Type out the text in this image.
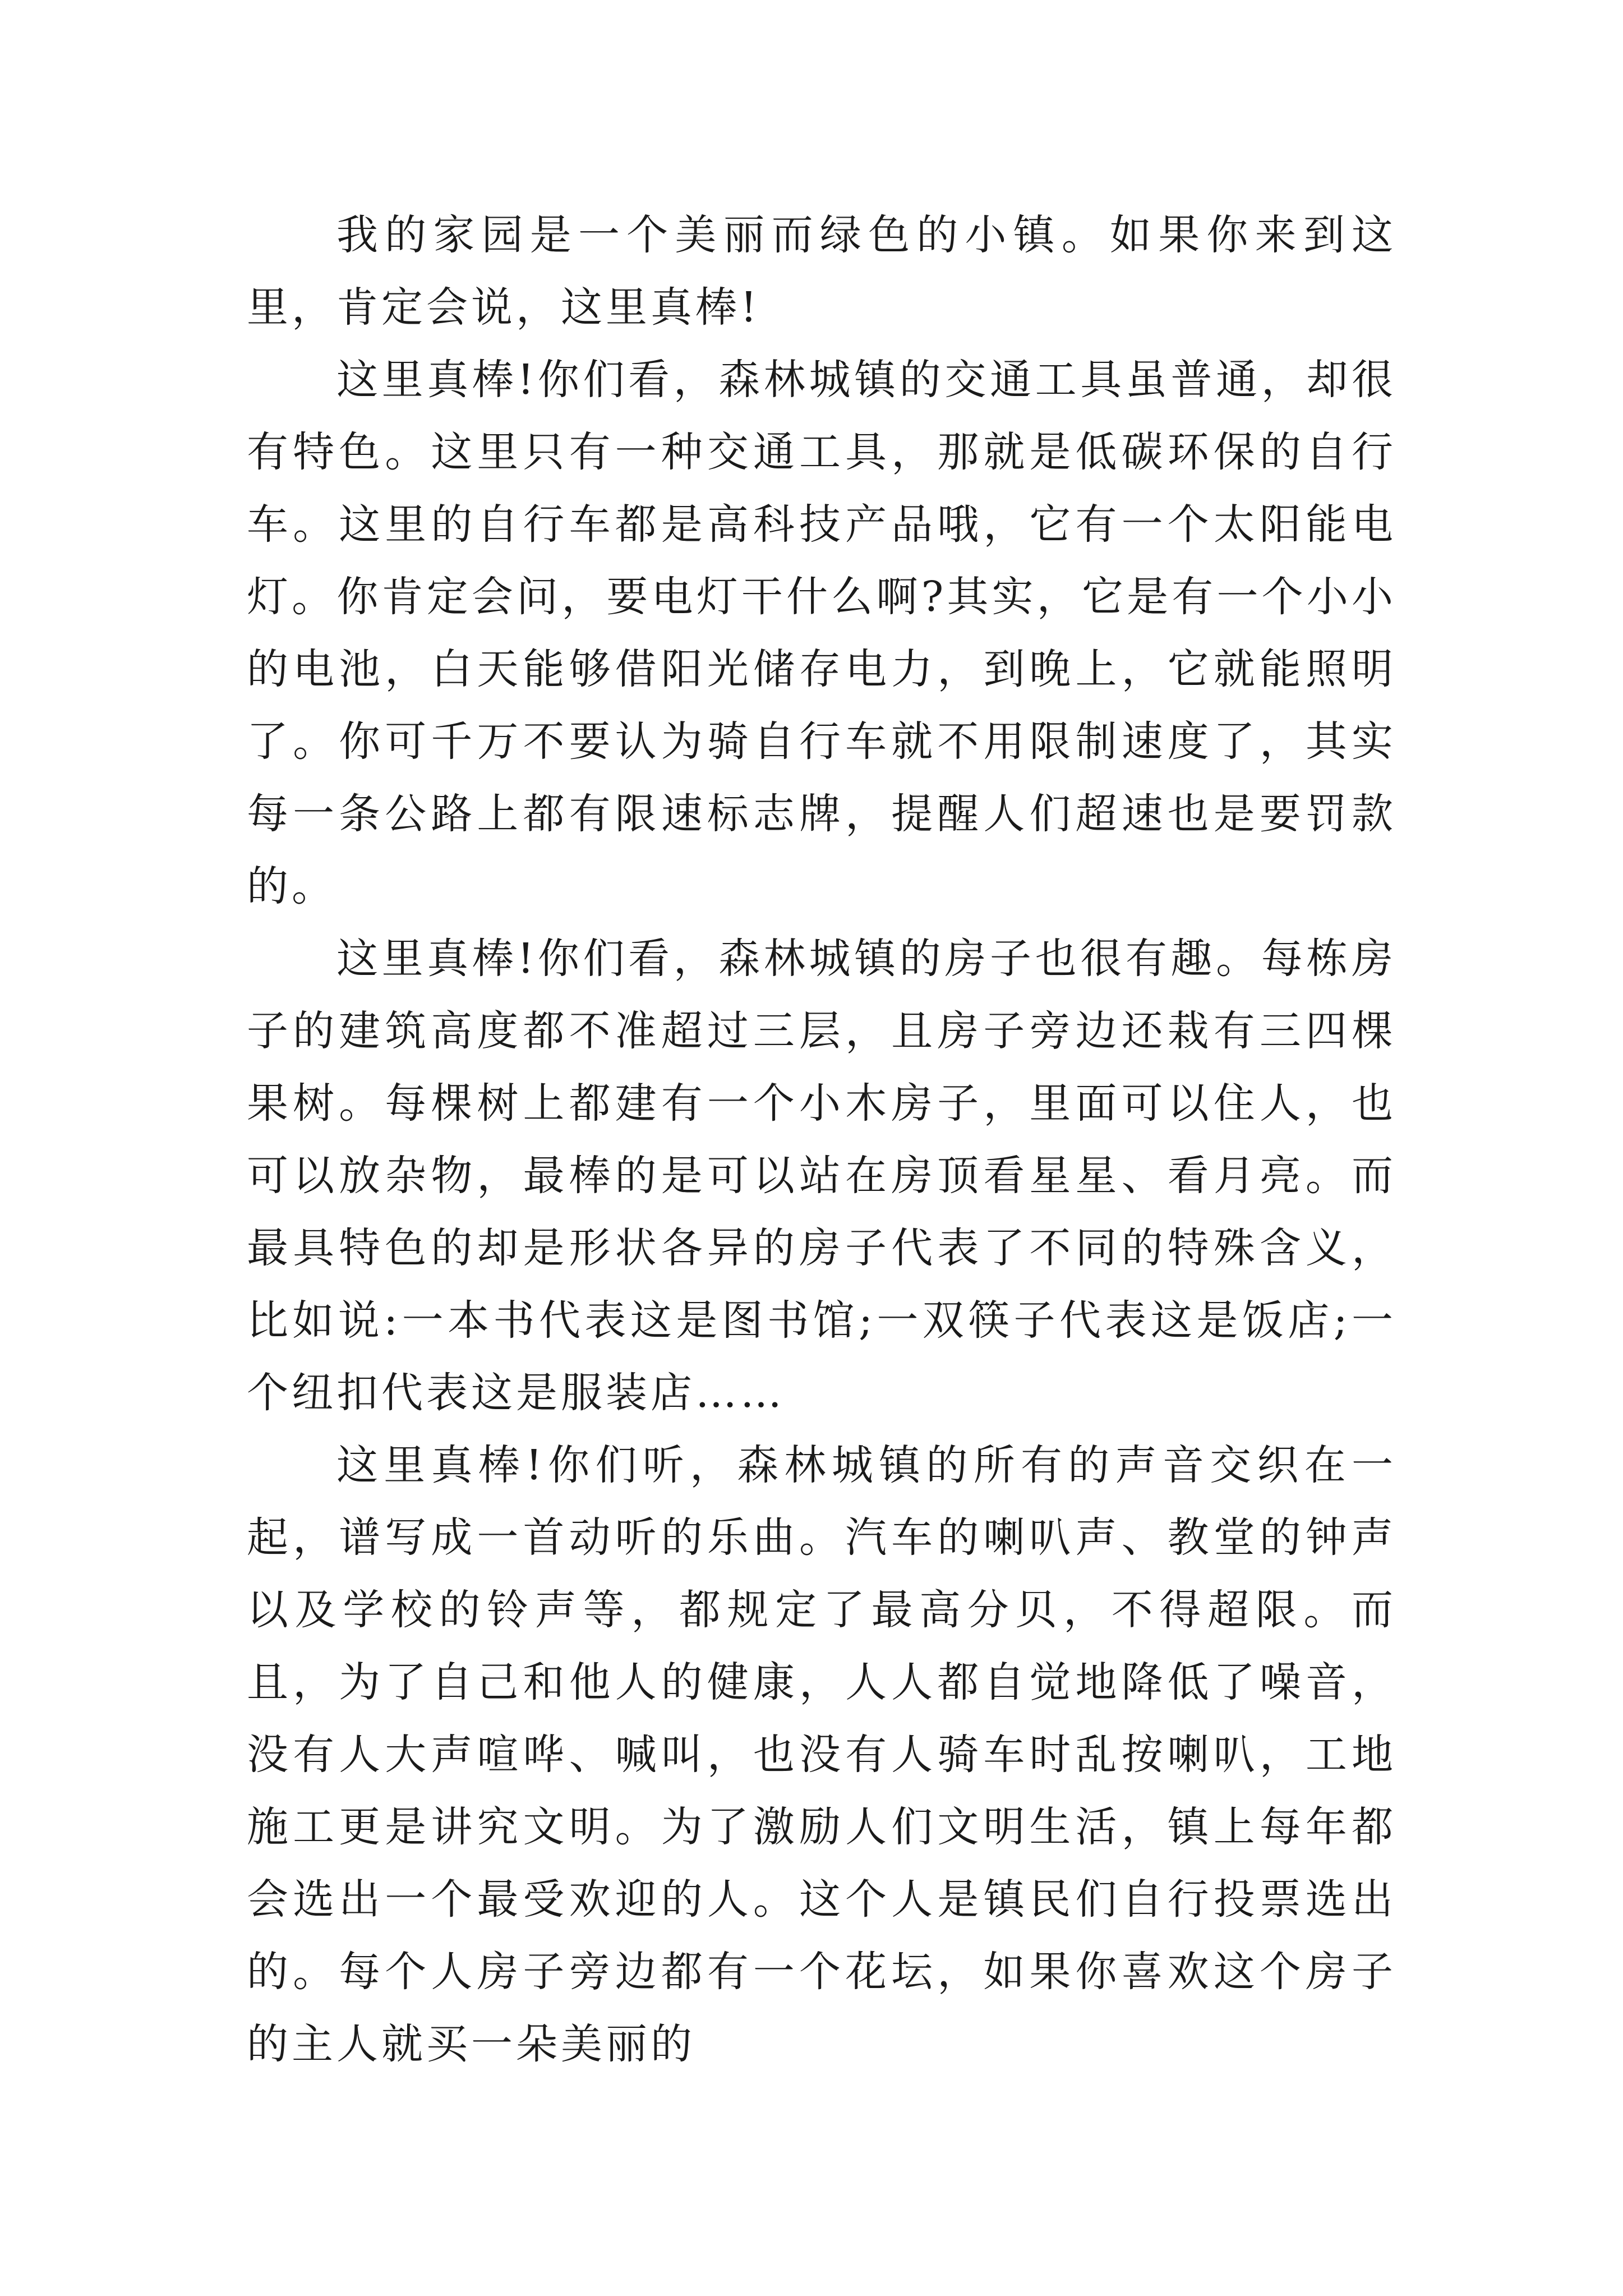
我的家园是一个美丽而绿色的小镇。如果你来到这里，肯定会说，这里真棒!

这里真棒!你们看，森林城镇的交通工具虽普通，却很有特色。这里只有一种交通工具，那就是低碳环保的自行车。这里的自行车都是高科技产品哦，它有一个太阳能电灯。你肯定会问，要电灯干什么啊?其实，它是有一个小小的电池，白天能够借阳光储存电力，到晚上，它就能照明了。你可千万不要认为骑自行车就不用限制速度了，其实每一条公路上都有限速标志牌，提醒人们超速也是要罚款的。

这里真棒!你们看，森林城镇的房子也很有趣。每栋房子的建筑高度都不准超过三层，且房子旁边还栽有三四棵果树。每棵树上都建有一个小木房子，里面可以住人，也可以放杂物，最棒的是可以站在房顶看星星、看月亮。而最具特色的却是形状各异的房子代表了不同的特殊含义，比如说:一本书代表这是图书馆;一双筷子代表这是饭店;一个纽扣代表这是服装店……

这里真棒!你们听，森林城镇的所有的声音交织在一起，谱写成一首动听的乐曲。汽车的喇叭声、教堂的钟声以及学校的铃声等，都规定了最高分贝，不得超限。而且，为了自己和他人的健康，人人都自觉地降低了噪音，没有人大声喧哗、喊叫，也没有人骑车时乱按喇叭，工地施工更是讲究文明。为了激励人们文明生活，镇上每年都会选出一个最受欢迎的人。这个人是镇民们自行投票选出的。每个人房子旁边都有一个花坛，如果你喜欢这个房子的主人就买一朵美丽的
